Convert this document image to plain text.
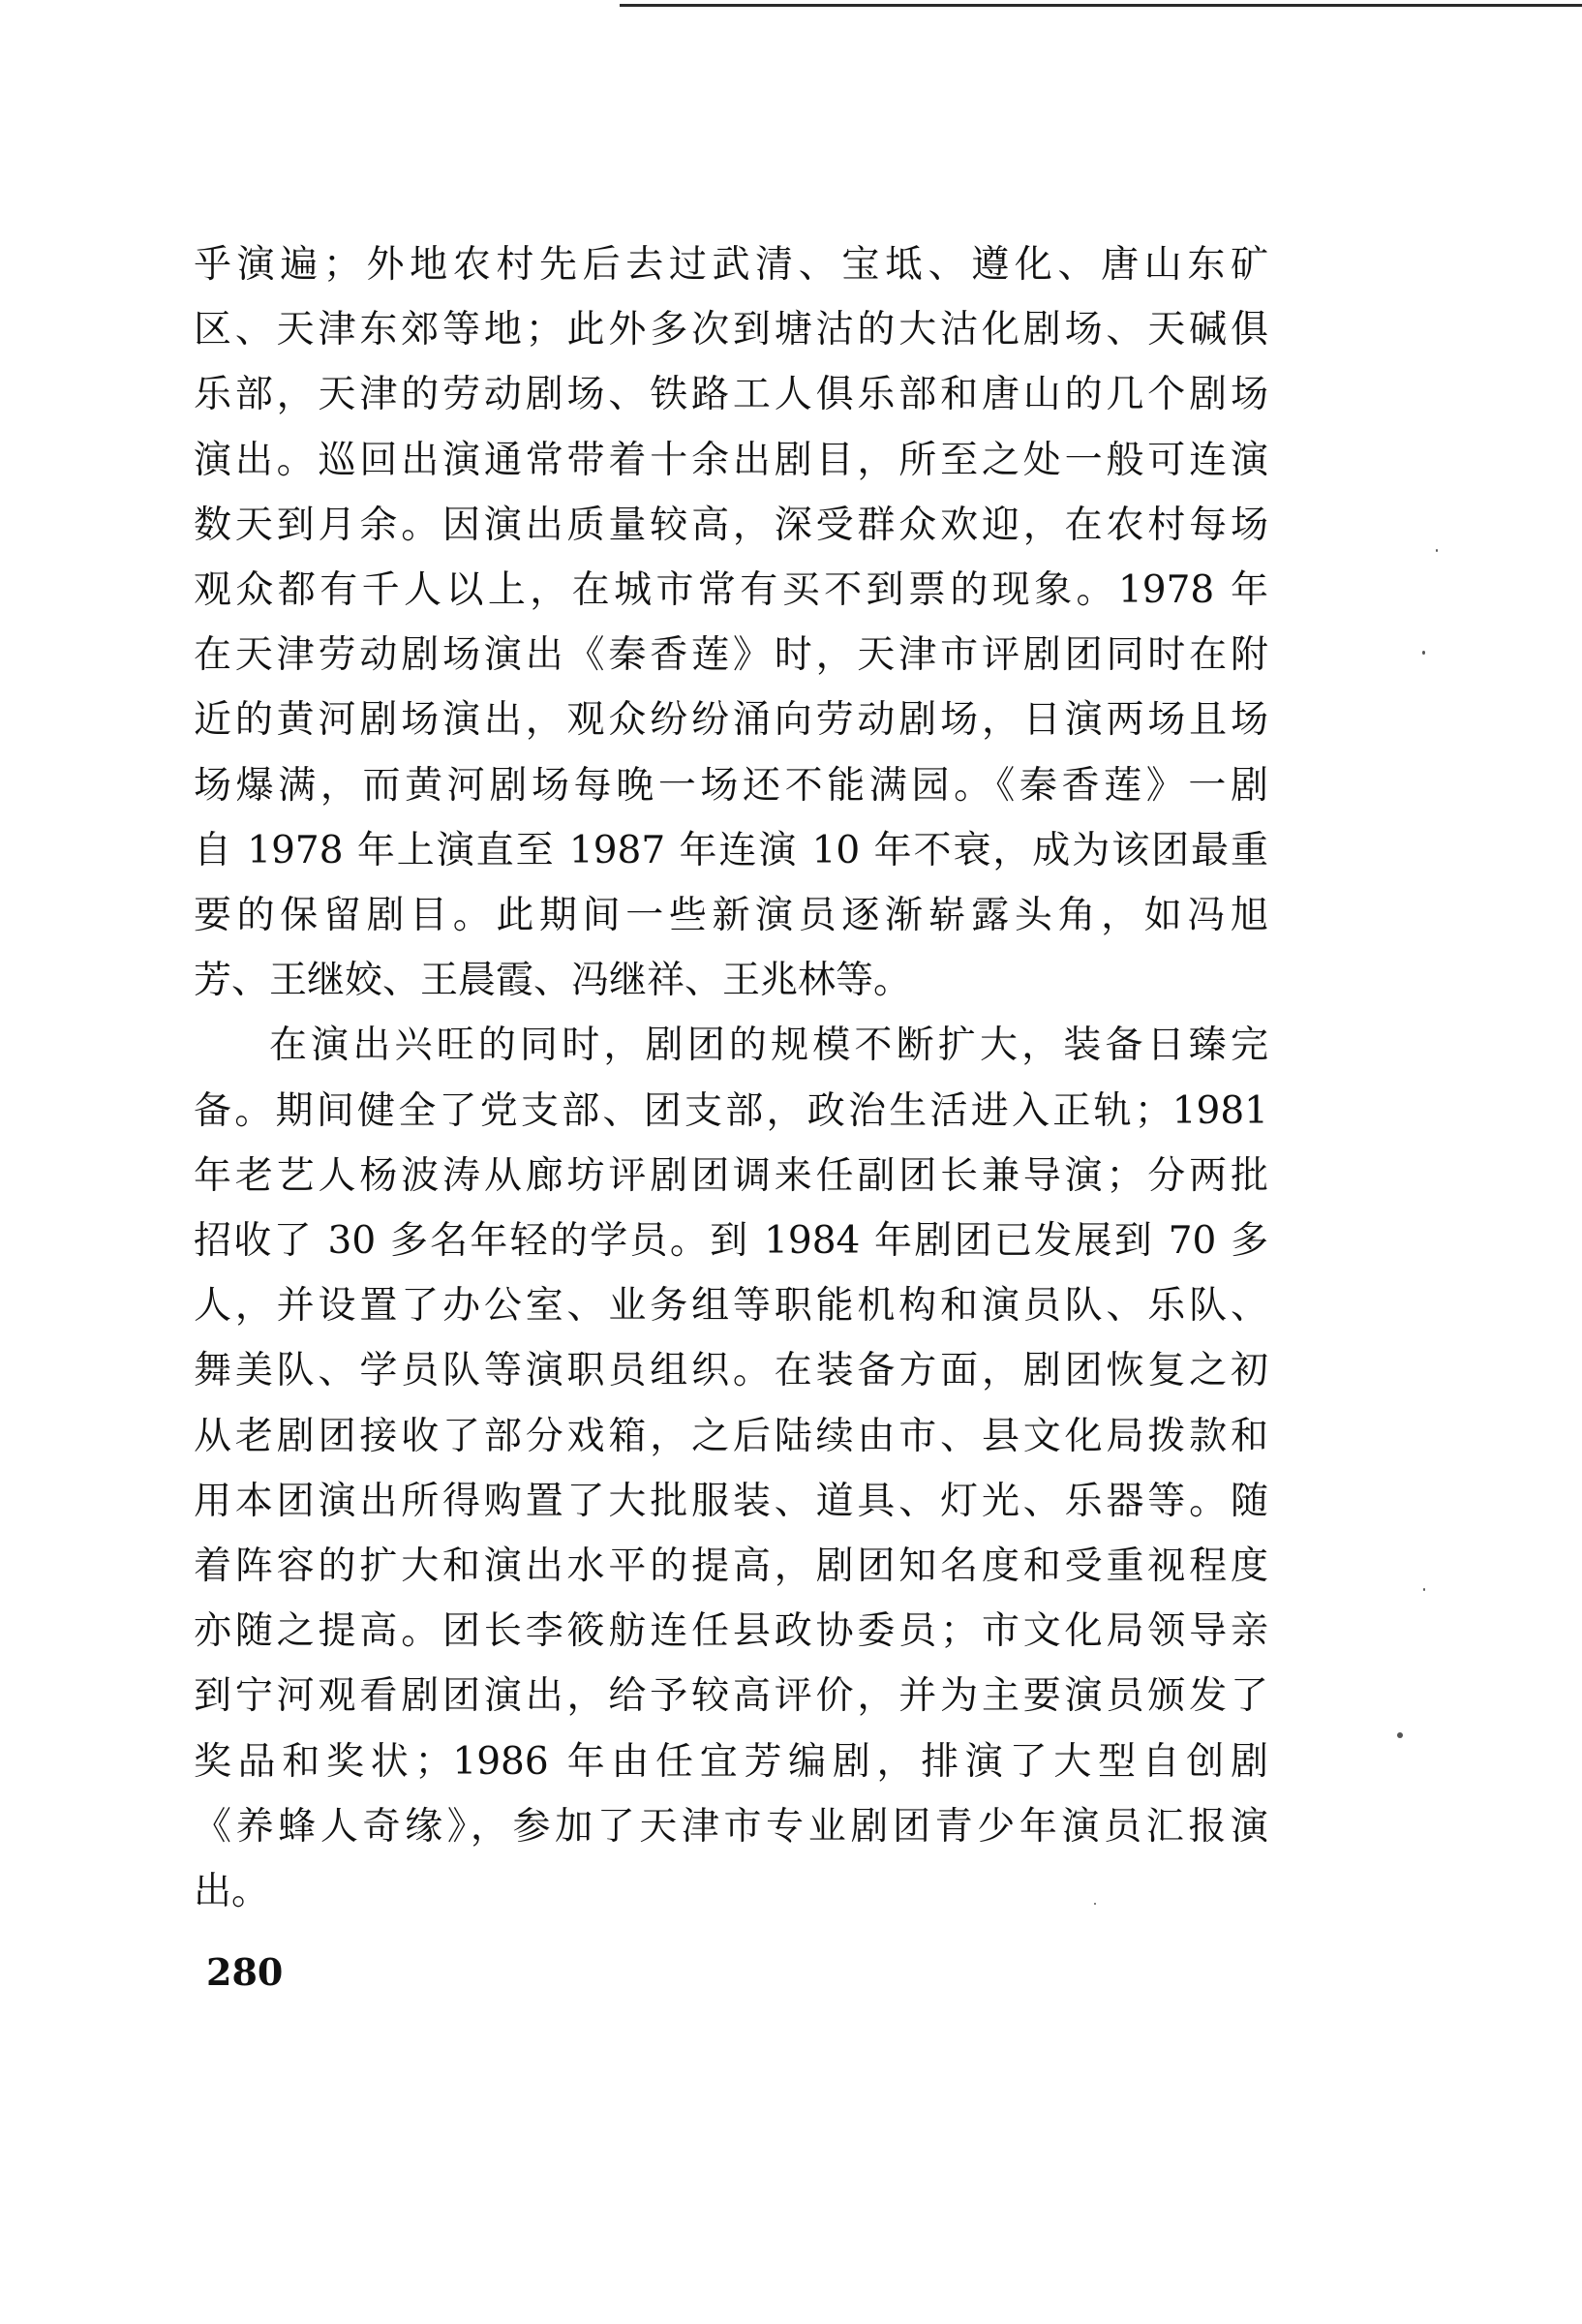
乎演遍；外地农村先后去过武清、宝坻、遵化、唐山东矿
区、天津东郊等地；此外多次到塘沽的大沽化剧场、天碱俱
乐部，天津的劳动剧场、铁路工人俱乐部和唐山的几个剧场
演出。巡回出演通常带着十余出剧目，所至之处一般可连演
数天到月余。因演出质量较高，深受群众欢迎，在农村每场
观众都有千人以上，在城市常有买不到票的现象。1978 年
在天津劳动剧场演出《秦香莲》时，天津市评剧团同时在附
近的黄河剧场演出，观众纷纷涌向劳动剧场，日演两场且场
场爆满，而黄河剧场每晚一场还不能满园。《秦香莲》一剧
自 1978 年上演直至 1987 年连演 10 年不衰，成为该团最重
要的保留剧目。此期间一些新演员逐渐崭露头角，如冯旭
芳、王继姣、王晨霞、冯继祥、王兆林等。
在演出兴旺的同时，剧团的规模不断扩大，装备日臻完
备。期间健全了党支部、团支部，政治生活进入正轨；1981
年老艺人杨波涛从廊坊评剧团调来任副团长兼导演；分两批
招收了 30 多名年轻的学员。到 1984 年剧团已发展到 70 多
人，并设置了办公室、业务组等职能机构和演员队、乐队、
舞美队、学员队等演职员组织。在装备方面，剧团恢复之初
从老剧团接收了部分戏箱，之后陆续由市、县文化局拨款和
用本团演出所得购置了大批服装、道具、灯光、乐器等。随
着阵容的扩大和演出水平的提高，剧团知名度和受重视程度
亦随之提高。团长李筱舫连任县政协委员；市文化局领导亲
到宁河观看剧团演出，给予较高评价，并为主要演员颁发了
奖品和奖状；1986 年由任宜芳编剧，排演了大型自创剧
《养蜂人奇缘》，参加了天津市专业剧团青少年演员汇报演
出。
280
